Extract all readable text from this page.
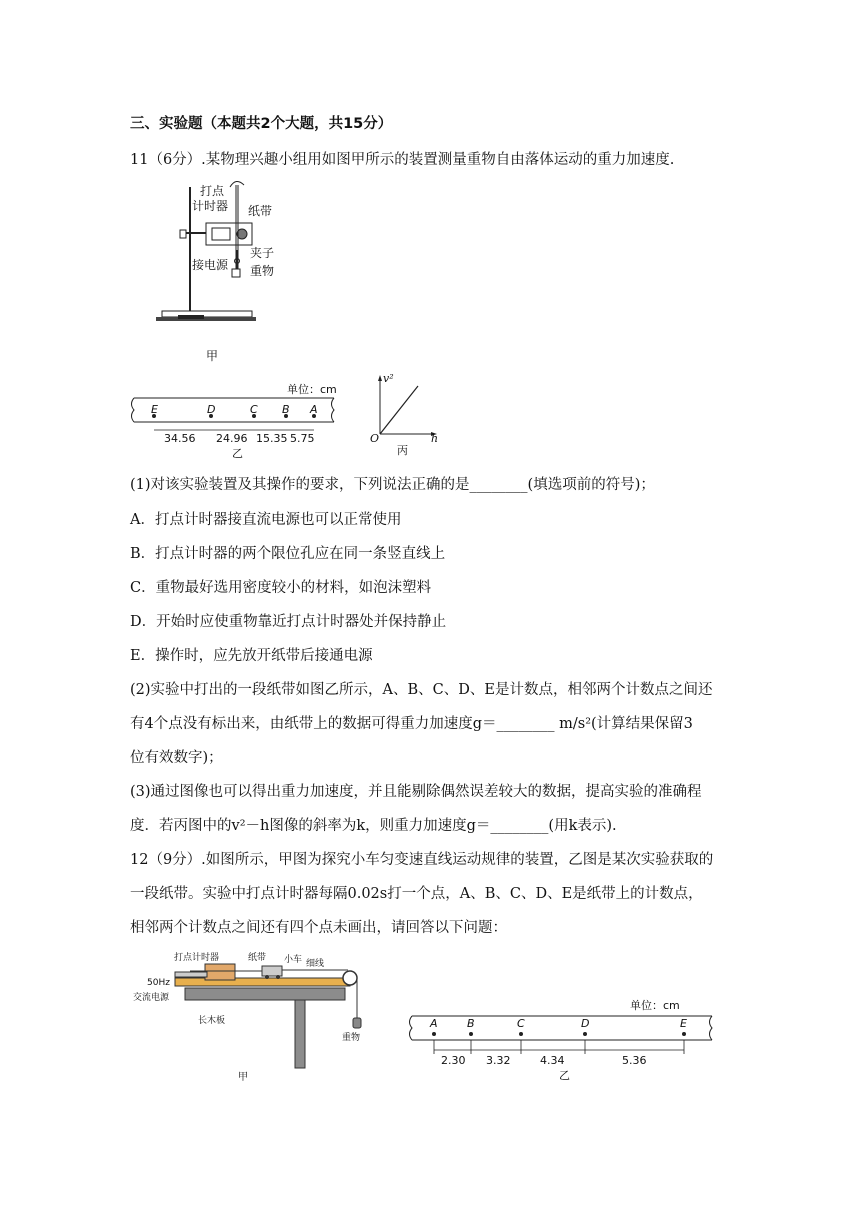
三、实验题（本题共2个大题，共15分）
11（6分）.某物理兴趣小组用如图甲所示的装置测量重物自由落体运动的重力加速度.
打点
计时器 纸带
接电源
夹子
重物
甲
单位：cm
E	D	C B A
34.56 24.96 15.35 5.75
乙
v²
h
O
丙
(1)对该实验装置及其操作的要求，下列说法正确的是________(填选项前的符号)；
A．打点计时器接直流电源也可以正常使用
B．打点计时器的两个限位孔应在同一条竖直线上
C．重物最好选用密度较小的材料，如泡沫塑料
D．开始时应使重物靠近打点计时器处并保持静止
E．操作时，应先放开纸带后接通电源
(2)实验中打出的一段纸带如图乙所示，A、B、C、D、E是计数点，相邻两个计数点之间还
有4个点没有标出来，由纸带上的数据可得重力加速度g＝________ m/s²(计算结果保留3
位有效数字)；
(3)通过图像也可以得出重力加速度，并且能剔除偶然误差较大的数据，提高实验的准确程
度．若丙图中的v²－h图像的斜率为k，则重力加速度g＝________(用k表示).
12（9分）.如图所示，甲图为探究小车匀变速直线运动规律的装置，乙图是某次实验获取的
一段纸带。实验中打点计时器每隔0.02s打一个点，A、B、C、D、E是纸带上的计数点，
相邻两个计数点之间还有四个点未画出，请回答以下问题：
打点计时器	纸带 小车 细线
50Hz
交流电源
长木板
重物
甲
单位：cm
A	B	C	D	E
2.30 3.32	4.34	5.36
乙
